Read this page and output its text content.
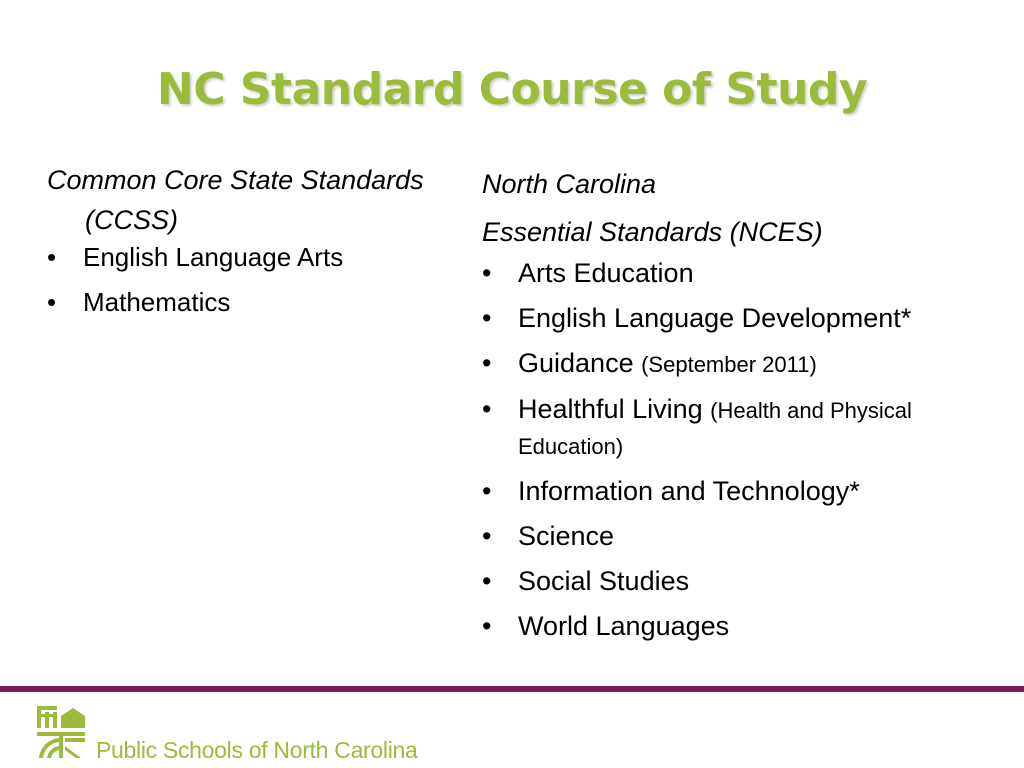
NC Standard Course of Study

Common Core State Standards (CCSS)

• English Language Arts
• Mathematics

North Carolina

Essential Standards (NCES)

• Arts Education
• English Language Development*
• Guidance (September 2011)
• Healthful Living (Health and Physical Education)
• Information and Technology*
• Science
• Social Studies
• World Languages
Public Schools of North Carolina
